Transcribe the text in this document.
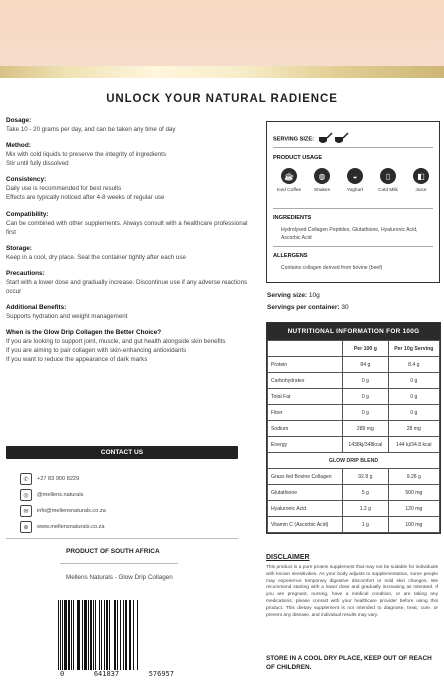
UNLOCK YOUR NATURAL RADIENCE
Dosage:
Take 10 - 20 grams per day, and can be taken any time of day
Method:
Mix with cold liquids to preserve the integrity of ingredients
Stir until fully dissolved
Consistency:
Daily use is recommended for best results
Effects are typically noticed after 4-8 weeks of regular use
Compatibility:
Can be combined with other supplements. Always consult with a healthcare professional first
Storage:
Keep in a cool, dry place. Seal the container tightly after each use
Precautions:
Start with a lower dose and gradually increase. Discontinue use if any adverse reactions occur
Additional Benefits:
Supports hydration and weight management
When is the Glow Drip Collagen the Better Choice?
If you are looking to support joint, muscle, and gut health alongside skin benefits
If you are aiming to pair collagen with skin-enhancing antioxidants
If you want to reduce the appearance of dark marks
CONTACT US
✆	+27 83 900 8229
◎	@mellens.naturals
✉	info@mellensnaturals.co.za
⊕	www.mellensnaturals.co.za
PRODUCT OF SOUTH AFRICA
Mellens Naturals - Glow Drip Collagen
0	641837	576957
SERVING SIZE:
PRODUCT USAGE
☕
Iced Coffee
◍
Shakes
◒
Yoghurt
▯
Cold Milk
◧
Juice
INGREDIENTS
Hydrolysed Collagen Peptides, Glutathione, Hyaluronic Acid, Ascorbic Acid
ALLERGENS
Contains collagen derived from bovine (beef)
Serving size: 10g
Servings per container: 30
NUTRITIONAL INFORMATION FOR 100G
	Per 100 g	Per 10g Serving
Protein	84 g	8.4 g
Carbohydrates	0 g	0 g
Total Fat	0 g	0 g
Fiber	0 g	0 g
Sodium	289 mg	28 mg
Energy	1438kj/348kcal	144 kj/34.8 kcal
GLOW DRIP BLEND		
Grass fed Bovine Collagen	92.8 g	9.28 g
Glutathione	5 g	500 mg
Hyaluronic Acid	1.2 g	120 mg
Vitamin C (Ascorbic Acid)	1 g	100 mg
DISCLAIMER
This product is a pure protein supplement that may not be suitable for individuals with known sensitivities. As your body adjusts to supplementation, some people may experience temporary digestive discomfort or mild skin changes. We recommend starting with a lower dose and gradually increasing as tolerated. If you are pregnant, nursing, have a medical condition, or are taking any medications, please consult with your healthcare provider before using this product. This dietary supplement is not intended to diagnose, treat, cure, or prevent any disease, and individual results may vary.
STORE IN A COOL DRY PLACE, KEEP OUT OF REACH OF CHILDREN.
